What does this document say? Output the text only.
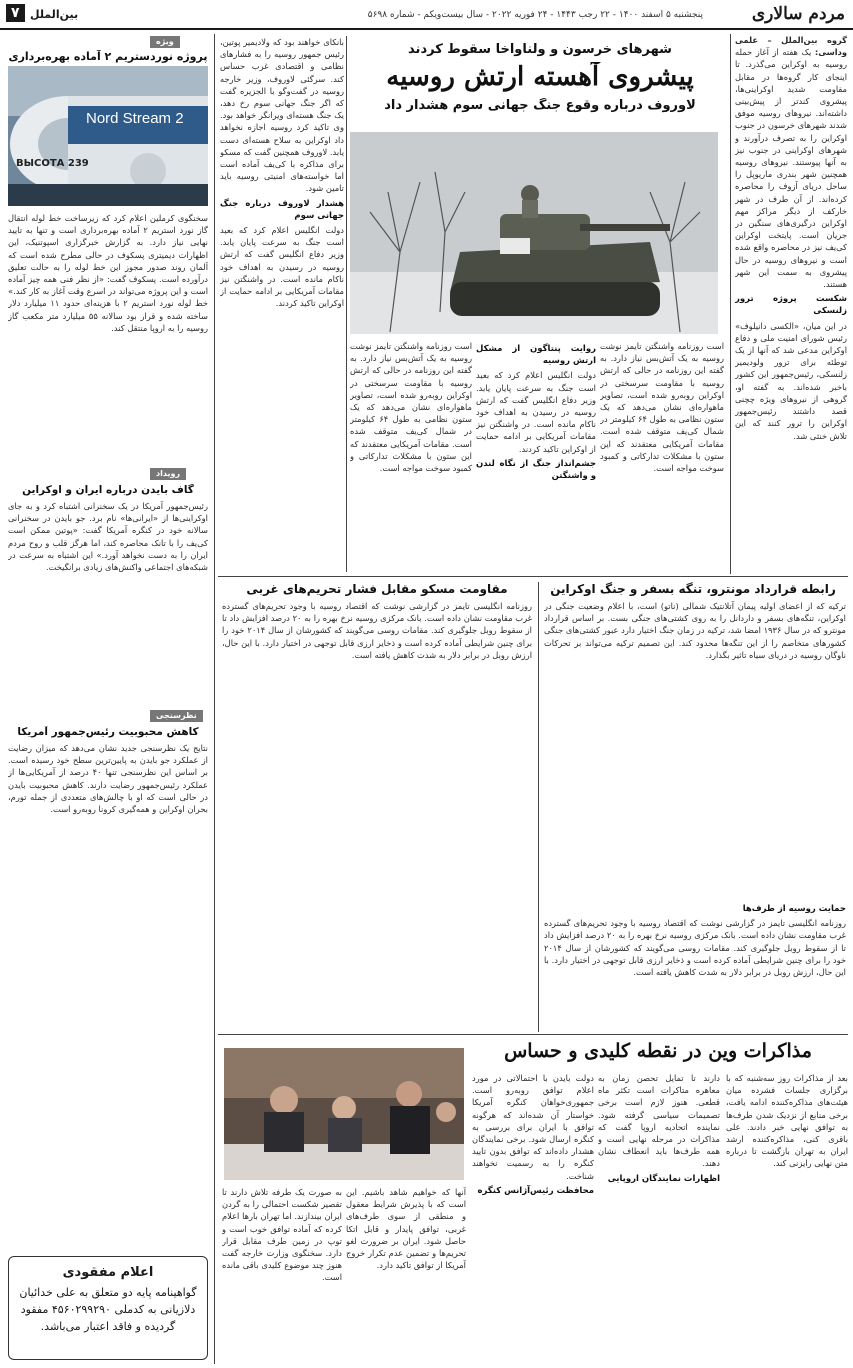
مردم سالاری
پنجشنبه ۵ اسفند ۱۴۰۰ - ۲۲ رجب ۱۴۴۳ - ۲۴ فوریه ۲۰۲۲ - سال بیست‌ویکم - شماره ۵۶۹۸
۷ بین‌الملل
ویژه
پروژه نوردستریم ۲ آماده بهره‌برداری
Nord Stream 2
ВЫСОТА 239
سخنگوی کرملین اعلام کرد که زیرساخت خط لوله انتقال گاز نورد استریم ۲ آماده بهره‌برداری است و تنها به تایید نهایی نیاز دارد. به گزارش خبرگزاری اسپوتنیک، این اظهارات دیمیتری پسکوف در حالی مطرح شده است که آلمان روند صدور مجوز این خط لوله را به حالت تعلیق درآورده است. پسکوف گفت: «از نظر فنی همه چیز آماده است و این پروژه می‌تواند در اسرع وقت آغاز به کار کند.» خط لوله نورد استریم ۲ با هزینه‌ای حدود ۱۱ میلیارد دلار ساخته شده و قرار بود سالانه ۵۵ میلیارد متر مکعب گاز روسیه را به اروپا منتقل کند.
رویداد
گاف بایدن درباره ایران و اوکراین
رئیس‌جمهور آمریکا در یک سخنرانی اشتباه کرد و به جای اوکراینی‌ها از «ایرانی‌ها» نام برد. جو بایدن در سخنرانی سالانه خود در کنگره آمریکا گفت: «پوتین ممکن است کی‌یف را با تانک محاصره کند، اما هرگز قلب و روح مردم ایران را به دست نخواهد آورد.» این اشتباه به سرعت در شبکه‌های اجتماعی واکنش‌های زیادی برانگیخت.
نظرسنجی
کاهش محبوبیت رئیس‌جمهور آمریکا
نتایج یک نظرسنجی جدید نشان می‌دهد که میزان رضایت از عملکرد جو بایدن به پایین‌ترین سطح خود رسیده است. بر اساس این نظرسنجی تنها ۴۰ درصد از آمریکایی‌ها از عملکرد رئیس‌جمهور رضایت دارند. کاهش محبوبیت بایدن در حالی است که او با چالش‌های متعددی از جمله تورم، بحران اوکراین و همه‌گیری کرونا روبه‌رو است.
اعلام مفقودی
گواهینامه پایه دو متعلق به علی خدائیان دلازیانی به کدملی ۴۵۶۰۲۹۹۲۹۰ مفقود گردیده و فاقد اعتبار می‌باشد.
شهرهای خرسون و ولناواخا سقوط کردند
پیشروی آهسته ارتش روسیه
لاوروف درباره وقوع جنگ جهانی سوم هشدار داد

گروه بین‌الملل – علمی وداسی: یک هفته از آغاز حمله روسیه به اوکراین می‌گذرد. تا اینجای کار گروه‌ها در مقابل مقاومت شدید اوکراینی‌ها، پیشروی کندتر از پیش‌بینی داشته‌اند. نیروهای روسیه موفق شدند شهرهای خرسون در جنوب اوکراین را به تصرف درآورند و شهرهای اوکراینی در جنوب نیز به آنها پیوستند. نیروهای روسیه همچنین شهر بندری ماریوپل را ساحل دریای آزوف را محاصره کرده‌اند. از آن طرف در شهر خارکف از دیگر مراکز مهم اوکراین درگیری‌های سنگین در جریان است. پایتخت اوکراین کی‌یف نیز در محاصره واقع شده است و نیروهای روسیه در حال پیشروی به سمت این شهر هستند.

شکست پروژه ترور زلنسکی

در این میان، «الکسی دانیلوف» رئیس شورای امنیت ملی و دفاع اوکراین مدعی شد که آنها از یک توطئه برای ترور ولودیمیر زلنسکی، رئیس‌جمهور این کشور باخبر شده‌اند. به گفته او، گروهی از نیروهای ویژه چچنی قصد داشتند رئیس‌جمهور اوکراین را ترور کنند که این تلاش خنثی شد.

است روزنامه واشنگتن تایمز نوشت روسیه به یک آتش‌بس نیاز دارد. به گفته این روزنامه در حالی که ارتش روسیه با مقاومت سرسختی در اوکراین روبه‌رو شده است، تصاویر ماهواره‌ای نشان می‌دهد که یک ستون نظامی به طول ۶۴ کیلومتر در شمال کی‌یف متوقف شده است. مقامات آمریکایی معتقدند که این ستون با مشکلات تدارکاتی و کمبود سوخت مواجه است.

روایت پنتاگون از مشکل ارتش روسیه

دولت انگلیس اعلام کرد که بعید است جنگ به سرعت پایان یابد. وزیر دفاع انگلیس گفت که ارتش روسیه در رسیدن به اهداف خود ناکام مانده است. در واشنگتن نیز مقامات آمریکایی بر ادامه حمایت از اوکراین تاکید کردند.

جشم‌انداز جنگ از نگاه لندن و واشنگتن

است روزنامه واشنگتن تایمز نوشت روسیه به یک آتش‌بس نیاز دارد. به گفته این روزنامه در حالی که ارتش روسیه با مقاومت سرسختی در اوکراین روبه‌رو شده است، تصاویر ماهواره‌ای نشان می‌دهد که یک ستون نظامی به طول ۶۴ کیلومتر در شمال کی‌یف متوقف شده است. مقامات آمریکایی معتقدند که این ستون با مشکلات تدارکاتی و کمبود سوخت مواجه است.

بانکای خواهند بود که ولادیمیر پوتین، رئیس جمهور روسیه را به فشارهای نظامی و اقتصادی غرب حساس کند. سرگئی لاوروف، وزیر خارجه روسیه در گفت‌وگو با الجزیره گفت که اگر جنگ جهانی سوم رخ دهد، یک جنگ هسته‌ای ویرانگر خواهد بود. وی تاکید کرد روسیه اجازه نخواهد داد اوکراین به سلاح هسته‌ای دست یابد. لاوروف همچنین گفت که مسکو برای مذاکره با کی‌یف آماده است اما خواسته‌های امنیتی روسیه باید تامین شود.

هشدار لاوروف درباره جنگ جهانی سوم

دولت انگلیس اعلام کرد که بعید است جنگ به سرعت پایان یابد. وزیر دفاع انگلیس گفت که ارتش روسیه در رسیدن به اهداف خود ناکام مانده است. در واشنگتن نیز مقامات آمریکایی بر ادامه حمایت از اوکراین تاکید کردند.

رابطه قرارداد مونترو، تنگه بسفر و جنگ اوکراین
ترکیه که از اعضای اولیه پیمان آتلانتیک شمالی (ناتو) است، با اعلام وضعیت جنگی در اوکراین، تنگه‌های بسفر و داردانل را به روی کشتی‌های جنگی بست. بر اساس قرارداد مونترو که در سال ۱۹۳۶ امضا شد، ترکیه در زمان جنگ اختیار دارد عبور کشتی‌های جنگی کشورهای متخاصم را از این تنگه‌ها محدود کند. این تصمیم ترکیه می‌تواند بر تحرکات ناوگان روسیه در دریای سیاه تاثیر بگذارد.
حمایت روسیه از طرف‌ها

روزنامه انگلیسی تایمز در گزارشی نوشت که اقتصاد روسیه با وجود تحریم‌های گسترده غرب مقاومت نشان داده است. بانک مرکزی روسیه نرخ بهره را به ۲۰ درصد افزایش داد تا از سقوط روبل جلوگیری کند. مقامات روسی می‌گویند که کشورشان از سال ۲۰۱۴ خود را برای چنین شرایطی آماده کرده است و ذخایر ارزی قابل توجهی در اختیار دارد. با این حال، ارزش روبل در برابر دلار به شدت کاهش یافته است.

مقاومت مسکو مقابل فشار تحریم‌های غربی
روزنامه انگلیسی تایمز در گزارشی نوشت که اقتصاد روسیه با وجود تحریم‌های گسترده غرب مقاومت نشان داده است. بانک مرکزی روسیه نرخ بهره را به ۲۰ درصد افزایش داد تا از سقوط روبل جلوگیری کند. مقامات روسی می‌گویند که کشورشان از سال ۲۰۱۴ خود را برای چنین شرایطی آماده کرده است و ذخایر ارزی قابل توجهی در اختیار دارد. با این حال، ارزش روبل در برابر دلار به شدت کاهش یافته است.
مذاکرات وین در نقطه کلیدی و حساس

بعد از مذاکرات روز سه‌شنبه که با برگزاری جلسات فشرده میان هیئت‌های مذاکره‌کننده ادامه یافت، برخی منابع از نزدیک شدن طرف‌ها به توافق نهایی خبر دادند. علی باقری کنی، مذاکره‌کننده ارشد ایران به تهران بازگشت تا درباره متن نهایی رایزنی کند.

دارند تا تمایل تحصن زمان به معاهره متاکرات است تکثر ماه قطعی. هنوز لازم است برخی تصمیمات سیاسی گرفته شود. نماینده اتحادیه اروپا گفت که مذاکرات در مرحله نهایی است و همه طرف‌ها باید انعطاف نشان دهند.

اظهارات نمایندگان اروپایی

دولت بایدن با احتمالاتی در مورد اعلام توافق روبه‌رو است. جمهوری‌خواهان کنگره آمریکا خواستار آن شده‌اند که هرگونه توافق با ایران برای بررسی به کنگره ارسال شود. برخی نمایندگان هشدار داده‌اند که توافق بدون تایید کنگره را به رسمیت نخواهند شناخت.

محافظت رئیس‌آژانس کنگره

آنها که خواهیم شاهد باشیم. این است که با پذیرش شرایط معقول و منطقی از سوی طرف‌های غربی، توافق پایدار و قابل اتکا حاصل شود. ایران بر ضرورت لغو تحریم‌ها و تضمین عدم تکرار خروج آمریکا از توافق تاکید دارد.

به صورت یک طرفه تلاش دارند تا تقصیر شکست احتمالی را به گردن ایران بیندازند. اما تهران بارها اعلام کرده که آماده توافق خوب است و توپ در زمین طرف مقابل قرار دارد. سخنگوی وزارت خارجه گفت هنوز چند موضوع کلیدی باقی مانده است.
